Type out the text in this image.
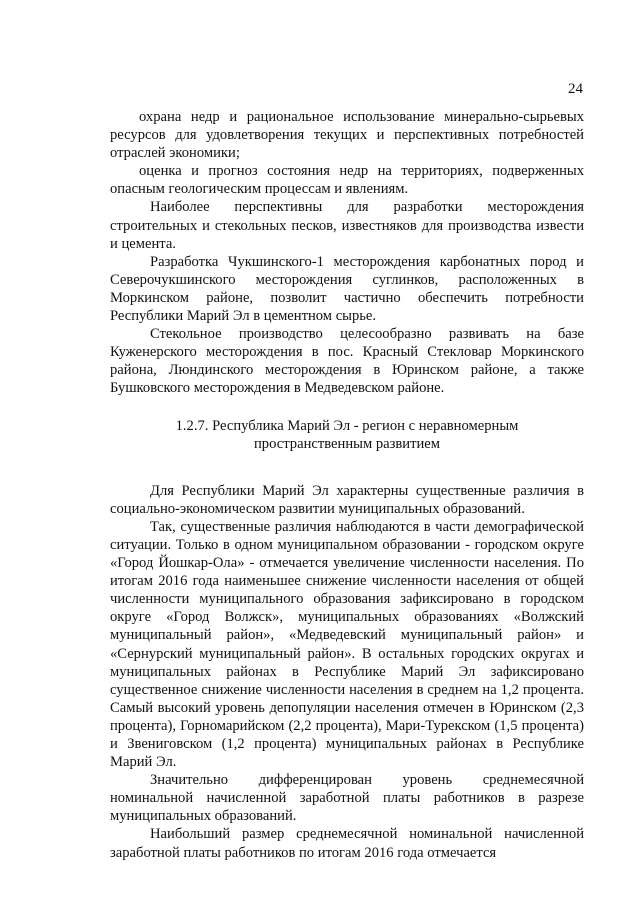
24

охрана недр и рациональное использование минерально-сырьевых ресурсов для удовлетворения текущих и перспективных потребностей отраслей экономики;

оценка и прогноз состояния недр на территориях, подверженных опасным геологическим процессам и явлениям.

Наиболее перспективны для разработки месторождения строительных и стекольных песков, известняков для производства извести и цемента.

Разработка Чукшинского-1 месторождения карбонатных пород и Северочукшинского месторождения суглинков, расположенных в Моркинском районе, позволит частично обеспечить потребности Республики Марий Эл в цементном сырье.

Стекольное производство целесообразно развивать на базе Куженерского месторождения в пос. Красный Стекловар Моркинского района, Люндинского месторождения в Юринском районе, а также Бушковского месторождения в Медведевском районе.

1.2.7. Республика Марий Эл - регион с неравномерным
пространственным развитием

Для Республики Марий Эл характерны существенные различия в социально-экономическом развитии муниципальных образований.

Так, существенные различия наблюдаются в части демографической ситуации. Только в одном муниципальном образовании - городском округе «Город Йошкар-Ола» - отмечается увеличение численности населения. По итогам 2016 года наименьшее снижение численности населения от общей численности муниципального образования зафиксировано в городском округе «Город Волжск», муниципальных образованиях «Волжский муниципальный район», «Медведевский муниципальный район» и «Сернурский муниципальный район». В остальных городских округах и муниципальных районах в Республике Марий Эл зафиксировано существенное снижение численности населения в среднем на 1,2 процента. Самый высокий уровень депопуляции населения отмечен в Юринском (2,3 процента), Горномарийском (2,2 процента), Мари-Турекском (1,5 процента) и Звениговском (1,2 процента) муниципальных районах в Республике Марий Эл.

Значительно дифференцирован уровень среднемесячной номинальной начисленной заработной платы работников в разрезе муниципальных образований.

Наибольший размер среднемесячной номинальной начисленной заработной платы работников по итогам 2016 года отмечается
